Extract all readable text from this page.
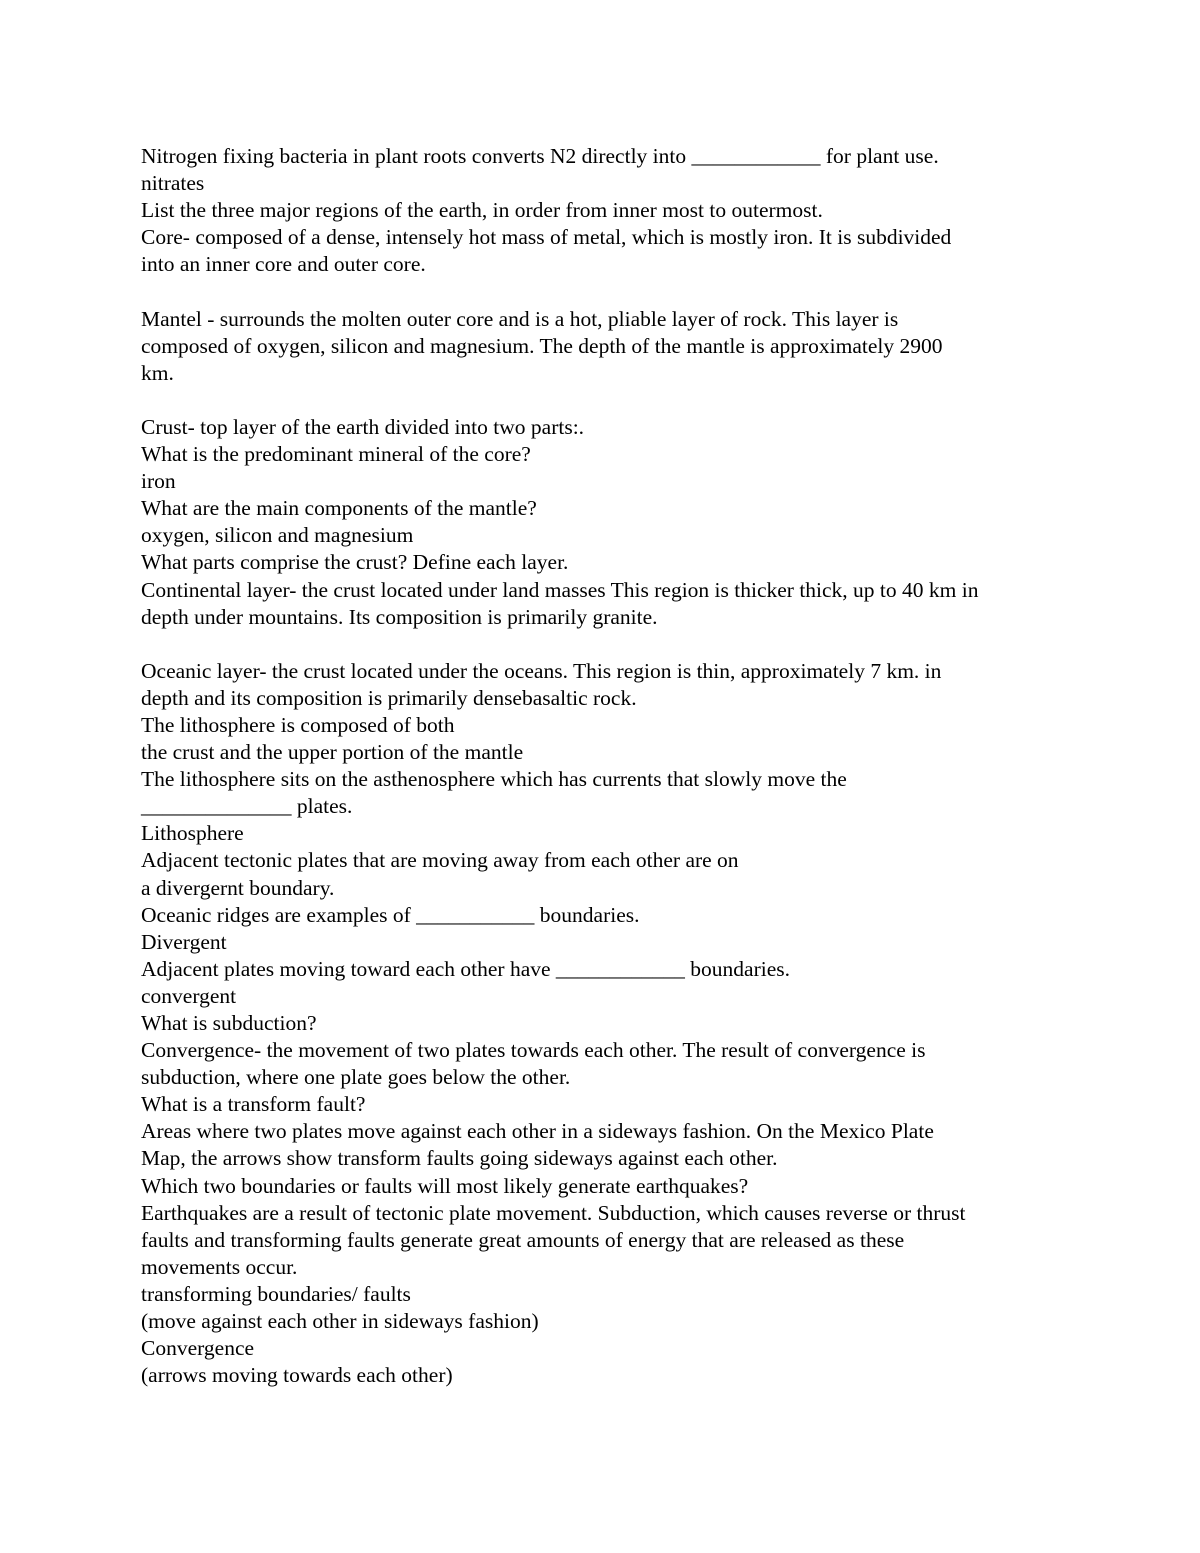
Nitrogen fixing bacteria in plant roots converts N2 directly into ____________ for plant use.
nitrates
List the three major regions of the earth, in order from inner most to outermost.
Core- composed of a dense, intensely hot mass of metal, which is mostly iron. It is subdivided
into an inner core and outer core.
Mantel - surrounds the molten outer core and is a hot, pliable layer of rock. This layer is
composed of oxygen, silicon and magnesium. The depth of the mantle is approximately 2900
km.
Crust- top layer of the earth divided into two parts:.
What is the predominant mineral of the core?
iron
What are the main components of the mantle?
oxygen, silicon and magnesium
What parts comprise the crust? Define each layer.
Continental layer- the crust located under land masses This region is thicker thick, up to 40 km in
depth under mountains. Its composition is primarily granite.
Oceanic layer- the crust located under the oceans. This region is thin, approximately 7 km. in
depth and its composition is primarily densebasaltic rock.
The lithosphere is composed of both
the crust and the upper portion of the mantle
The lithosphere sits on the asthenosphere which has currents that slowly move the
______________ plates.
Lithosphere
Adjacent tectonic plates that are moving away from each other are on
a divergernt boundary.
Oceanic ridges are examples of ___________ boundaries.
Divergent
Adjacent plates moving toward each other have ____________ boundaries.
convergent
What is subduction?
Convergence- the movement of two plates towards each other. The result of convergence is
subduction, where one plate goes below the other.
What is a transform fault?
Areas where two plates move against each other in a sideways fashion. On the Mexico Plate
Map, the arrows show transform faults going sideways against each other.
Which two boundaries or faults will most likely generate earthquakes?
Earthquakes are a result of tectonic plate movement. Subduction, which causes reverse or thrust
faults and transforming faults generate great amounts of energy that are released as these
movements occur.
transforming boundaries/ faults
(move against each other in sideways fashion)
Convergence
(arrows moving towards each other)
